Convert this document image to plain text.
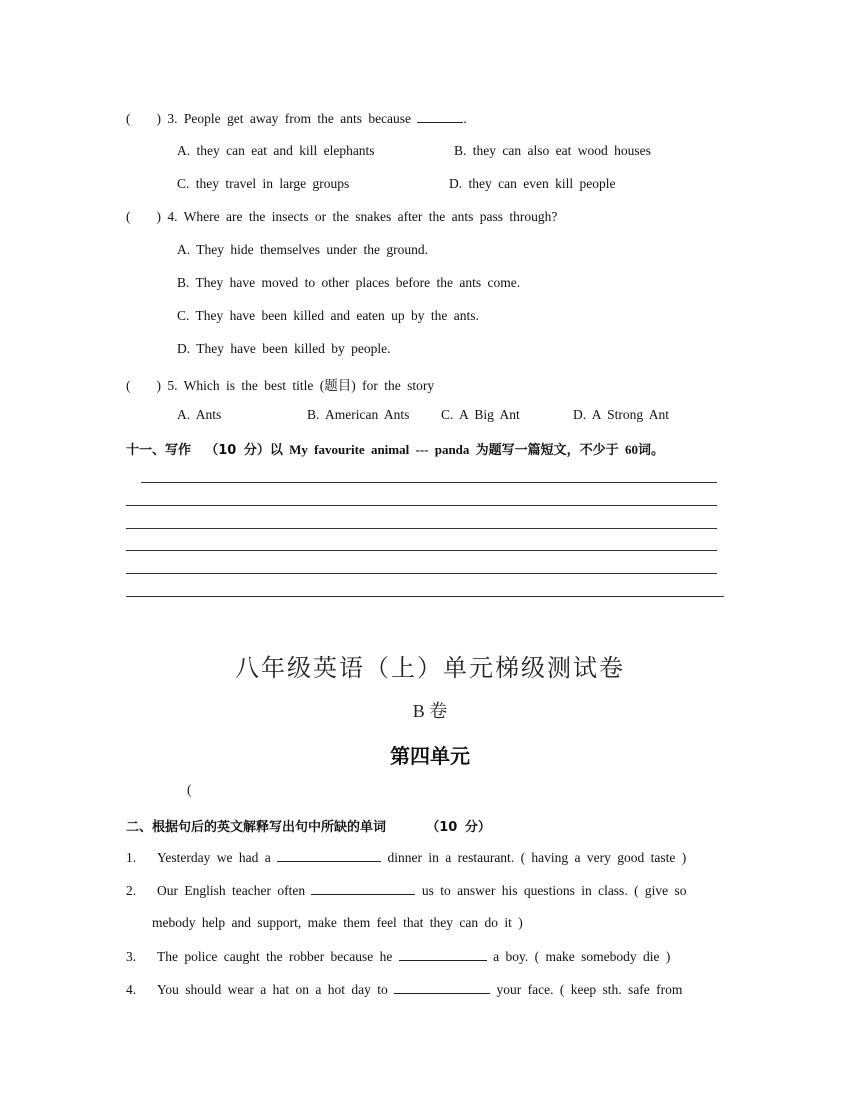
( ) 3. People get away from the ants because	.
A. they can eat and kill elephants	B. they can also eat wood houses
C. they travel in large groups	D. they can even kill people
( ) 4. Where are the insects or the snakes after the ants pass through?
A. They hide themselves under the ground.
B. They have moved to other places before the ants come.
C. They have been killed and eaten up by the ants.
D. They have been killed by people.
( ) 5. Which is the best title (题目) for the story
A. Ants	B. American Ants C. A Big Ant	D. A Strong Ant
十一、写作 （10 分）以 My favourite animal --- panda 为题写一篇短文，不少于 60词。
八年级英语（上）单元梯级测试卷
B 卷
第四单元
(
二、根据句后的英文解释写出句中所缺的单词	（10 分）
1. Yesterday we had a	dinner in a restaurant. ( having a very good taste )
2. Our English teacher often	us to answer his questions in class. ( give so
mebody help and support, make them feel that they can do it )
3. The police caught the robber because he	a boy. ( make somebody die )
4. You should wear a hat on a hot day to	your face. ( keep sth. safe from
